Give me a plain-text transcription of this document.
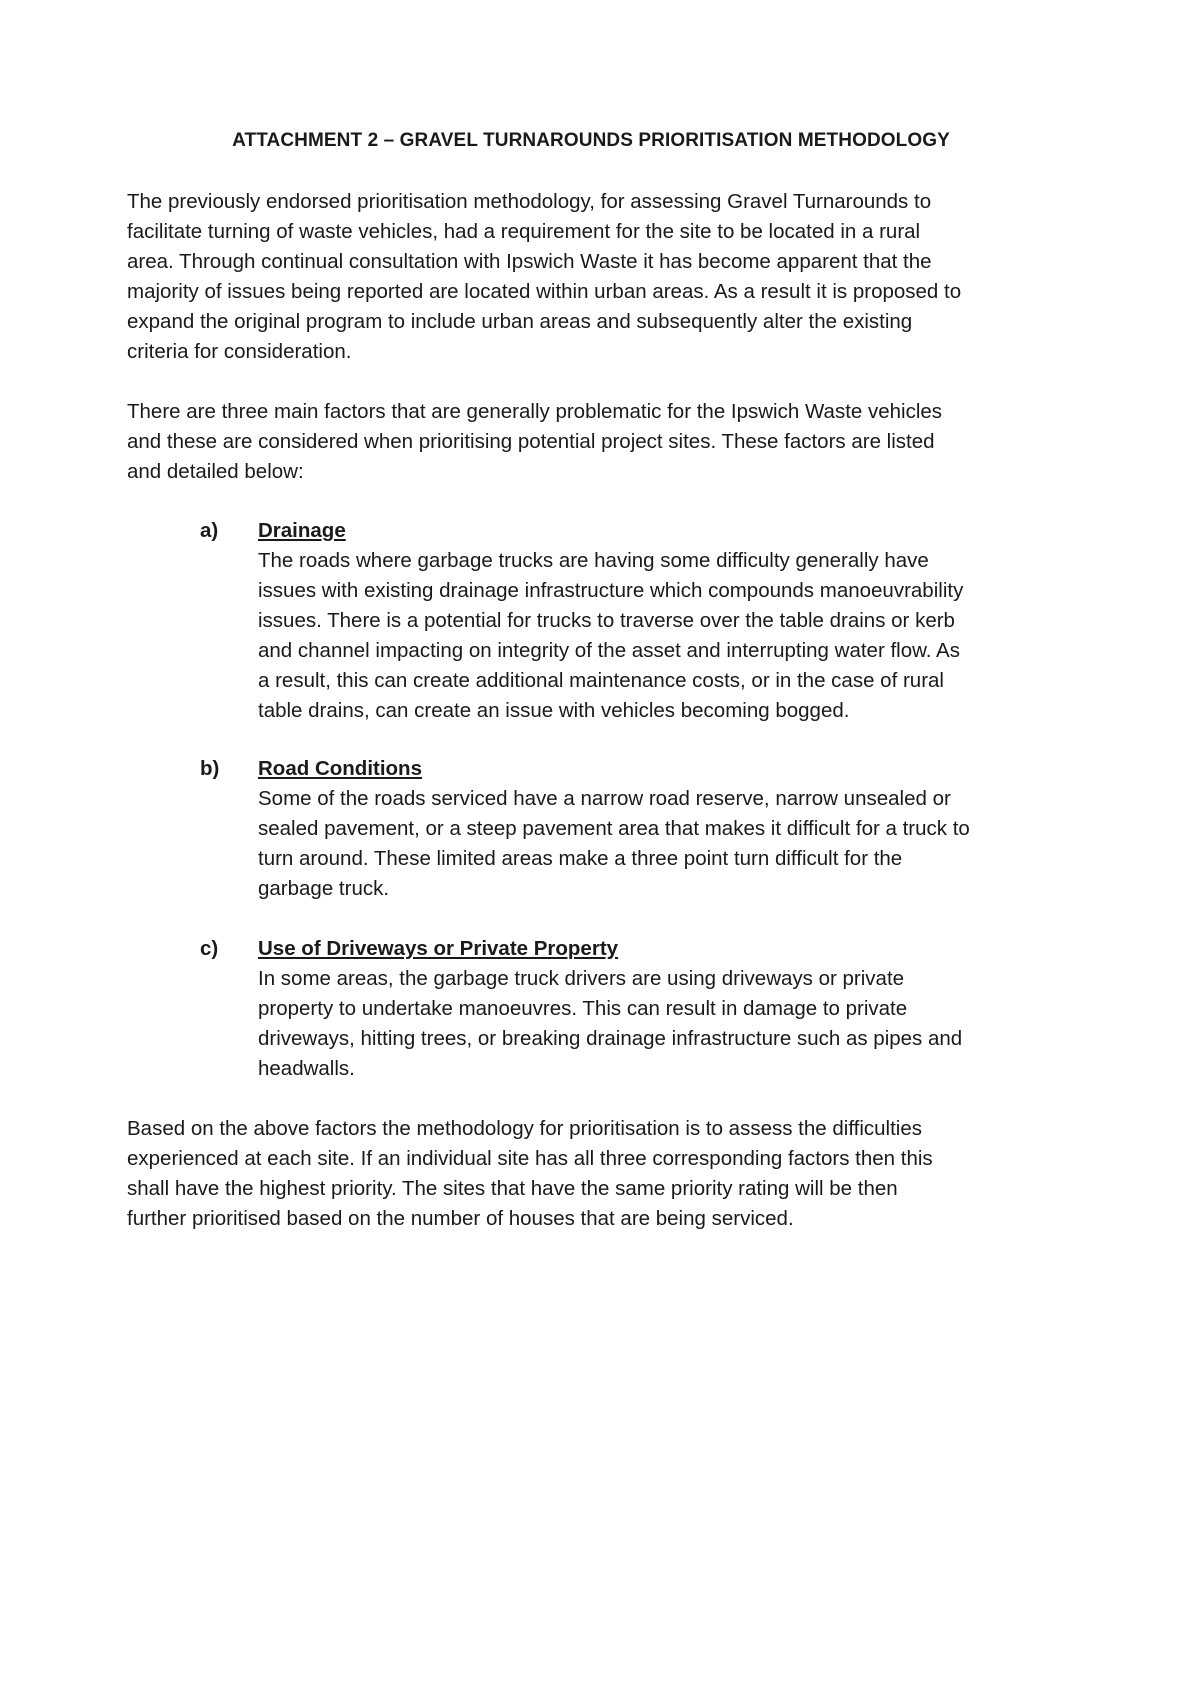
ATTACHMENT 2 – GRAVEL TURNAROUNDS PRIORITISATION METHODOLOGY
The previously endorsed prioritisation methodology, for assessing Gravel Turnarounds to
facilitate turning of waste vehicles, had a requirement for the site to be located in a rural
area. Through continual consultation with Ipswich Waste it has become apparent that the
majority of issues being reported are located within urban areas. As a result it is proposed to
expand the original program to include urban areas and subsequently alter the existing
criteria for consideration.
There are three main factors that are generally problematic for the Ipswich Waste vehicles
and these are considered when prioritising potential project sites. These factors are listed
and detailed below:
a) Drainage
The roads where garbage trucks are having some difficulty generally have
issues with existing drainage infrastructure which compounds manoeuvrability
issues. There is a potential for trucks to traverse over the table drains or kerb
and channel impacting on integrity of the asset and interrupting water flow. As
a result, this can create additional maintenance costs, or in the case of rural
table drains, can create an issue with vehicles becoming bogged.
b) Road Conditions
Some of the roads serviced have a narrow road reserve, narrow unsealed or
sealed pavement, or a steep pavement area that makes it difficult for a truck to
turn around. These limited areas make a three point turn difficult for the
garbage truck.
c) Use of Driveways or Private Property
In some areas, the garbage truck drivers are using driveways or private
property to undertake manoeuvres. This can result in damage to private
driveways, hitting trees, or breaking drainage infrastructure such as pipes and
headwalls.
Based on the above factors the methodology for prioritisation is to assess the difficulties
experienced at each site. If an individual site has all three corresponding factors then this
shall have the highest priority. The sites that have the same priority rating will be then
further prioritised based on the number of houses that are being serviced.
